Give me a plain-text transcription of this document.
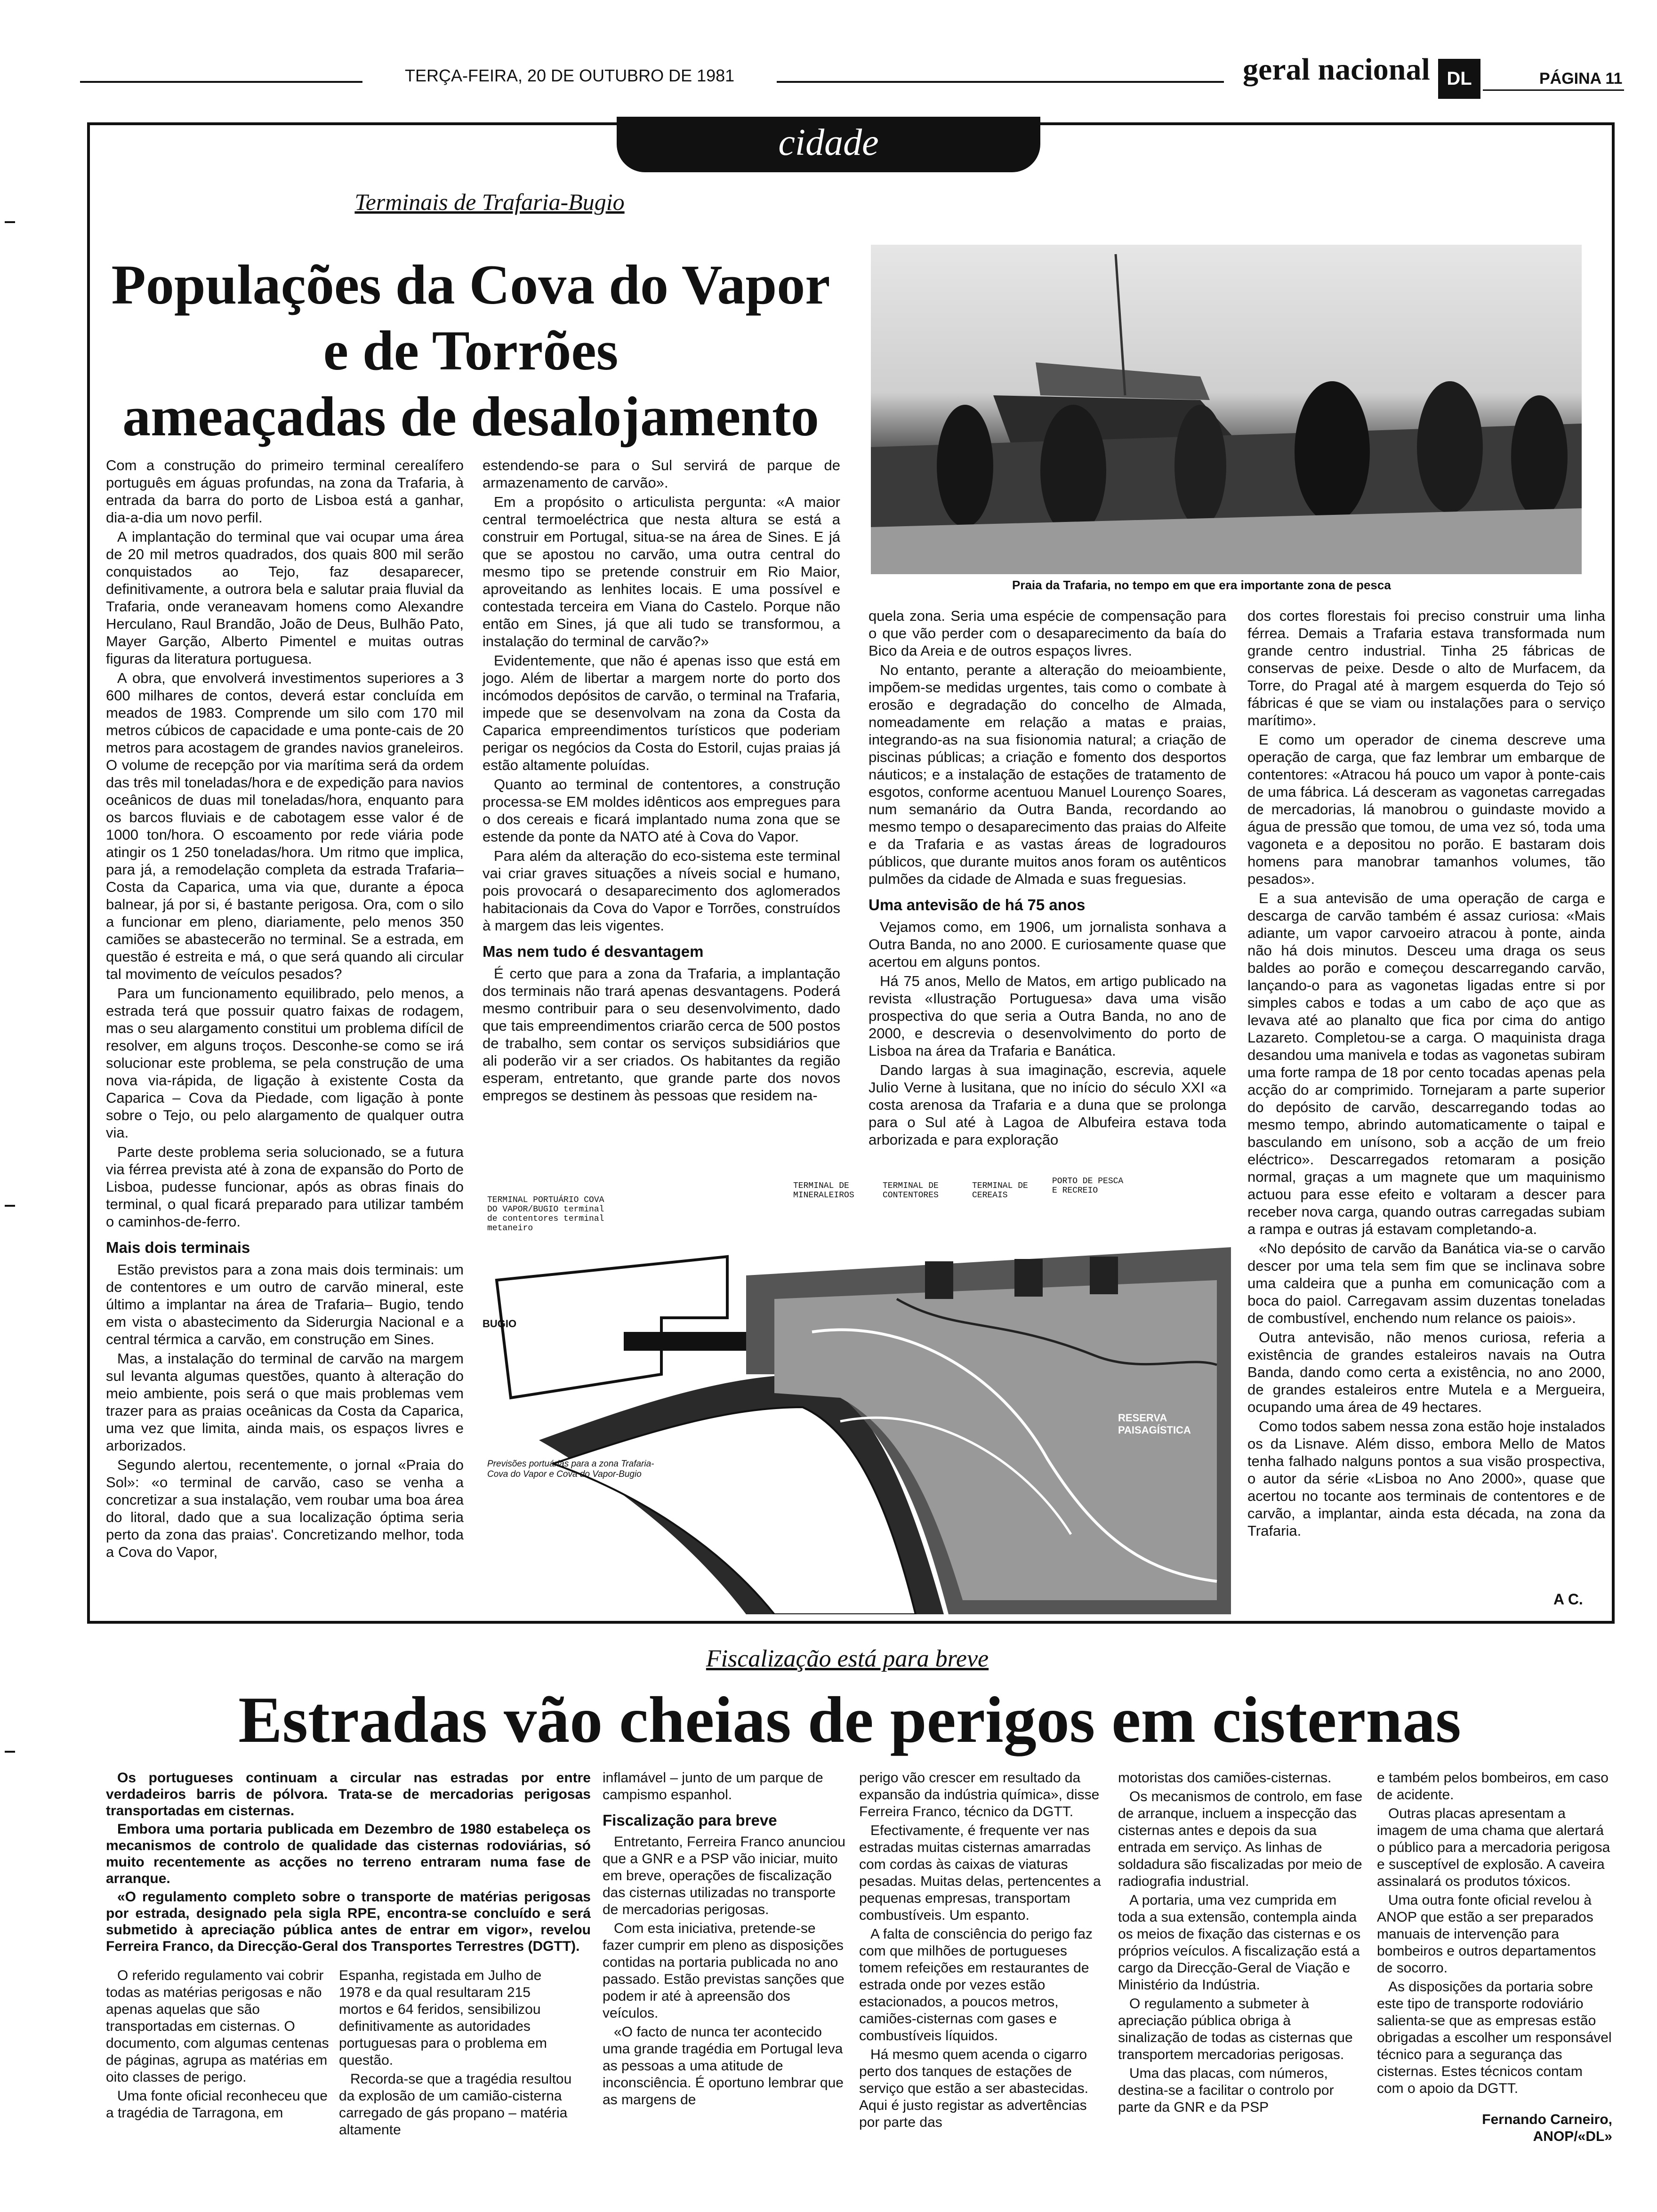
TERÇA-FEIRA, 20 DE OUTUBRO DE 1981	geral nacional DL	PÁGINA 11
cidade
Terminais de Trafaria-Bugio
Populações da Cova do Vapor
e de Torrões
ameaçadas de desalojamento
Praia da Trafaria, no tempo em que era importante zona de pesca

Com a construção do primeiro terminal cerealífero português em águas profundas, na zona da Trafaria, à entrada da barra do porto de Lisboa está a ganhar, dia-a-dia um novo perfil.

A implantação do terminal que vai ocupar uma área de 20 mil metros quadrados, dos quais 800 mil serão conquistados ao Tejo, faz desaparecer, definitivamente, a outrora bela e salutar praia fluvial da Trafaria, onde veraneavam homens como Alexandre Herculano, Raul Brandão, João de Deus, Bulhão Pato, Mayer Garção, Alberto Pimentel e muitas outras figuras da literatura portuguesa.

A obra, que envolverá investimentos superiores a 3 600 milhares de contos, deverá estar concluída em meados de 1983. Comprende um silo com 170 mil metros cúbicos de capacidade e uma ponte-cais de 20 metros para acostagem de grandes navios graneleiros. O volume de recepção por via marítima será da ordem das três mil toneladas/hora e de expedição para navios oceânicos de duas mil toneladas/hora, enquanto para os barcos fluviais e de cabotagem esse valor é de 1000 ton/hora. O escoamento por rede viária pode atingir os 1 250 toneladas/hora. Um ritmo que implica, para já, a remodelação completa da estrada Trafaria–Costa da Caparica, uma via que, durante a época balnear, já por si, é bastante perigosa. Ora, com o silo a funcionar em pleno, diariamente, pelo menos 350 camiões se abastecerão no terminal. Se a estrada, em questão é estreita e má, o que será quando ali circular tal movimento de veículos pesados?

Para um funcionamento equilibrado, pelo menos, a estrada terá que possuir quatro faixas de rodagem, mas o seu alargamento constitui um problema difícil de resolver, em alguns troços. Desconhe-se como se irá solucionar este problema, se pela construção de uma nova via-rápida, de ligação à existente Costa da Caparica – Cova da Piedade, com ligação à ponte sobre o Tejo, ou pelo alargamento de qualquer outra via.

Parte deste problema seria solucionado, se a futura via férrea prevista até à zona de expansão do Porto de Lisboa, pudesse funcionar, após as obras finais do terminal, o qual ficará preparado para utilizar também o caminhos-de-ferro.

Mais dois terminais

Estão previstos para a zona mais dois terminais: um de contentores e um outro de carvão mineral, este último a implantar na área de Trafaria– Bugio, tendo em vista o abastecimento da Siderurgia Nacional e a central térmica a carvão, em construção em Sines.

Mas, a instalação do terminal de carvão na margem sul levanta algumas questões, quanto à alteração do meio ambiente, pois será o que mais problemas vem trazer para as praias oceânicas da Costa da Caparica, uma vez que limita, ainda mais, os espaços livres e arborizados.

Segundo alertou, recentemente, o jornal «Praia do Sol»: «o terminal de carvão, caso se venha a concretizar a sua instalação, vem roubar uma boa área do litoral, dado que a sua localização óptima seria perto da zona das praias'. Concretizando melhor, toda a Cova do Vapor,

estendendo-se para o Sul servirá de parque de armazenamento de carvão».

Em a propósito o articulista pergunta: «A maior central termoeléctrica que nesta altura se está a construir em Portugal, situa-se na área de Sines. E já que se apostou no carvão, uma outra central do mesmo tipo se pretende construir em Rio Maior, aproveitando as lenhites locais. E uma possível e contestada terceira em Viana do Castelo. Porque não então em Sines, já que ali tudo se transformou, a instalação do terminal de carvão?»

Evidentemente, que não é apenas isso que está em jogo. Além de libertar a margem norte do porto dos incómodos depósitos de carvão, o terminal na Trafaria, impede que se desenvolvam na zona da Costa da Caparica empreendimentos turísticos que poderiam perigar os negócios da Costa do Estoril, cujas praias já estão altamente poluídas.

Quanto ao terminal de contentores, a construção processa-se EM moldes idênticos aos empregues para o dos cereais e ficará implantado numa zona que se estende da ponte da NATO até à Cova do Vapor.

Para além da alteração do eco-sistema este terminal vai criar graves situações a níveis social e humano, pois provocará o desaparecimento dos aglomerados habitacionais da Cova do Vapor e Torrões, construídos à margem das leis vigentes.

Mas nem tudo é desvantagem

É certo que para a zona da Trafaria, a implantação dos terminais não trará apenas desvantagens. Poderá mesmo contribuir para o seu desenvolvimento, dado que tais empreendimentos criarão cerca de 500 postos de trabalho, sem contar os serviços subsidiários que ali poderão vir a ser criados. Os habitantes da região esperam, entretanto, que grande parte dos novos empregos se destinem às pessoas que residem na-

quela zona. Seria uma espécie de compensação para o que vão perder com o desaparecimento da baía do Bico da Areia e de outros espaços livres.

No entanto, perante a alteração do meioambiente, impõem-se medidas urgentes, tais como o combate à erosão e degradação do concelho de Almada, nomeadamente em relação a matas e praias, integrando-as na sua fisionomia natural; a criação de piscinas públicas; a criação e fomento dos desportos náuticos; e a instalação de estações de tratamento de esgotos, conforme acentuou Manuel Lourenço Soares, num semanário da Outra Banda, recordando ao mesmo tempo o desaparecimento das praias do Alfeite e da Trafaria e as vastas áreas de logradouros públicos, que durante muitos anos foram os autênticos pulmões da cidade de Almada e suas freguesias.

Uma antevisão de há 75 anos

Vejamos como, em 1906, um jornalista sonhava a Outra Banda, no ano 2000. E curiosamente quase que acertou em alguns pontos.

Há 75 anos, Mello de Matos, em artigo publicado na revista «Ilustração Portuguesa» dava uma visão prospectiva do que seria a Outra Banda, no ano de 2000, e descrevia o desenvolvimento do porto de Lisboa na área da Trafaria e Banática.

Dando largas à sua imaginação, escrevia, aquele Julio Verne à lusitana, que no início do século XXI «a costa arenosa da Trafaria e a duna que se prolonga para o Sul até à Lagoa de Albufeira estava toda arborizada e para exploração

dos cortes florestais foi preciso construir uma linha férrea. Demais a Trafaria estava transformada num grande centro industrial. Tinha 25 fábricas de conservas de peixe. Desde o alto de Murfacem, da Torre, do Pragal até à margem esquerda do Tejo só fábricas é que se viam ou instalações para o serviço marítimo».

E como um operador de cinema descreve uma operação de carga, que faz lembrar um embarque de contentores: «Atracou há pouco um vapor à ponte-cais de uma fábrica. Lá desceram as vagonetas carregadas de mercadorias, lá manobrou o guindaste movido a água de pressão que tomou, de uma vez só, toda uma vagoneta e a depositou no porão. E bastaram dois homens para manobrar tamanhos volumes, tão pesados».

E a sua antevisão de uma operação de carga e descarga de carvão também é assaz curiosa: «Mais adiante, um vapor carvoeiro atracou à ponte, ainda não há dois minutos. Desceu uma draga os seus baldes ao porão e começou descarregando carvão, lançando-o para as vagonetas ligadas entre si por simples cabos e todas a um cabo de aço que as levava até ao planalto que fica por cima do antigo Lazareto. Completou-se a carga. O maquinista draga desandou uma manivela e todas as vagonetas subiram uma forte rampa de 18 por cento tocadas apenas pela acção do ar comprimido. Tornejaram a parte superior do depósito de carvão, descarregando todas ao mesmo tempo, abrindo automaticamente o taipal e basculando em unísono, sob a acção de um freio eléctrico». Descarregados retomaram a posição normal, graças a um magnete que um maquinismo actuou para esse efeito e voltaram a descer para receber nova carga, quando outras carregadas subiam a rampa e outras já estavam completando-a.

«No depósito de carvão da Banática via-se o carvão descer por uma tela sem fim que se inclinava sobre uma caldeira que a punha em comunicação com a boca do paiol. Carregavam assim duzentas toneladas de combustível, enchendo num relance os paiois».

Outra antevisão, não menos curiosa, referia a existência de grandes estaleiros navais na Outra Banda, dando como certa a existência, no ano 2000, de grandes estaleiros entre Mutela e a Mergueira, ocupando uma área de 49 hectares.

Como todos sabem nessa zona estão hoje instalados os da Lisnave. Além disso, embora Mello de Matos tenha falhado nalguns pontos a sua visão prospectiva, o autor da série «Lisboa no Ano 2000», quase que acertou no tocante aos terminais de contentores e de carvão, a implantar, ainda esta década, na zona da Trafaria.

A C.
TERMINAL PORTUÁRIO COVA DO VAPOR/BUGIO terminal de contentores terminal metaneiro
TERMINAL DE MINERALEIROS
TERMINAL DE CONTENTORES
TERMINAL DE CEREAIS
PORTO DE PESCA E RECREIO
BUGIO
RESERVA PAISAGÍSTICA
Previsões portuárias para a zona Trafaria-Cova do Vapor e Cova do Vapor-Bugio
Fiscalização está para breve
Estradas vão cheias de perigos em cisternas

Os portugueses continuam a circular nas estradas por entre verdadeiros barris de pólvora. Trata-se de mercadorias perigosas transportadas em cisternas.

Embora uma portaria publicada em Dezembro de 1980 estabeleça os mecanismos de controlo de qualidade das cisternas rodoviárias, só muito recentemente as acções no terreno entraram numa fase de arranque.

«O regulamento completo sobre o transporte de matérias perigosas por estrada, designado pela sigla RPE, encontra-se concluído e será submetido à apreciação pública antes de entrar em vigor», revelou Ferreira Franco, da Direcção-Geral dos Transportes Terrestres (DGTT).

O referido regulamento vai cobrir todas as matérias perigosas e não apenas aquelas que são transportadas em cisternas. O documento, com algumas centenas de páginas, agrupa as matérias em oito classes de perigo.

Uma fonte oficial reconheceu que a tragédia de Tarragona, em

Espanha, registada em Julho de 1978 e da qual resultaram 215 mortos e 64 feridos, sensibilizou definitivamente as autoridades portuguesas para o problema em questão.

Recorda-se que a tragédia resultou da explosão de um camião-cisterna carregado de gás propano – matéria altamente

inflamável – junto de um parque de campismo espanhol.

Fiscalização para breve

Entretanto, Ferreira Franco anunciou que a GNR e a PSP vão iniciar, muito em breve, operações de fiscalização das cisternas utilizadas no transporte de mercadorias perigosas.

Com esta iniciativa, pretende-se fazer cumprir em pleno as disposições contidas na portaria publicada no ano passado. Estão previstas sanções que podem ir até à apreensão dos veículos.

«O facto de nunca ter acontecido uma grande tragédia em Portugal leva as pessoas a uma atitude de inconsciência. É oportuno lembrar que as margens de

perigo vão crescer em resultado da expansão da indústria química», disse Ferreira Franco, técnico da DGTT.

Efectivamente, é frequente ver nas estradas muitas cisternas amarradas com cordas às caixas de viaturas pesadas. Muitas delas, pertencentes a pequenas empresas, transportam combustíveis. Um espanto.

A falta de consciência do perigo faz com que milhões de portugueses tomem refeições em restaurantes de estrada onde por vezes estão estacionados, a poucos metros, camiões-cisternas com gases e combustíveis líquidos.

Há mesmo quem acenda o cigarro perto dos tanques de estações de serviço que estão a ser abastecidas. Aqui é justo registar as advertências por parte das

motoristas dos camiões-cisternas.

Os mecanismos de controlo, em fase de arranque, incluem a inspecção das cisternas antes e depois da sua entrada em serviço. As linhas de soldadura são fiscalizadas por meio de radiografia industrial.

A portaria, uma vez cumprida em toda a sua extensão, contempla ainda os meios de fixação das cisternas e os próprios veículos. A fiscalização está a cargo da Direcção-Geral de Viação e Ministério da Indústria.

O regulamento a submeter à apreciação pública obriga à sinalização de todas as cisternas que transportem mercadorias perigosas.

Uma das placas, com números, destina-se a facilitar o controlo por parte da GNR e da PSP

e também pelos bombeiros, em caso de acidente.

Outras placas apresentam a imagem de uma chama que alertará o público para a mercadoria perigosa e susceptível de explosão. A caveira assinalará os produtos tóxicos.

Uma outra fonte oficial revelou à ANOP que estão a ser preparados manuais de intervenção para bombeiros e outros departamentos de socorro.

As disposições da portaria sobre este tipo de transporte rodoviário salienta-se que as empresas estão obrigadas a escolher um responsável técnico para a segurança das cisternas. Estes técnicos contam com o apoio da DGTT.

Fernando Carneiro,
ANOP/«DL»
